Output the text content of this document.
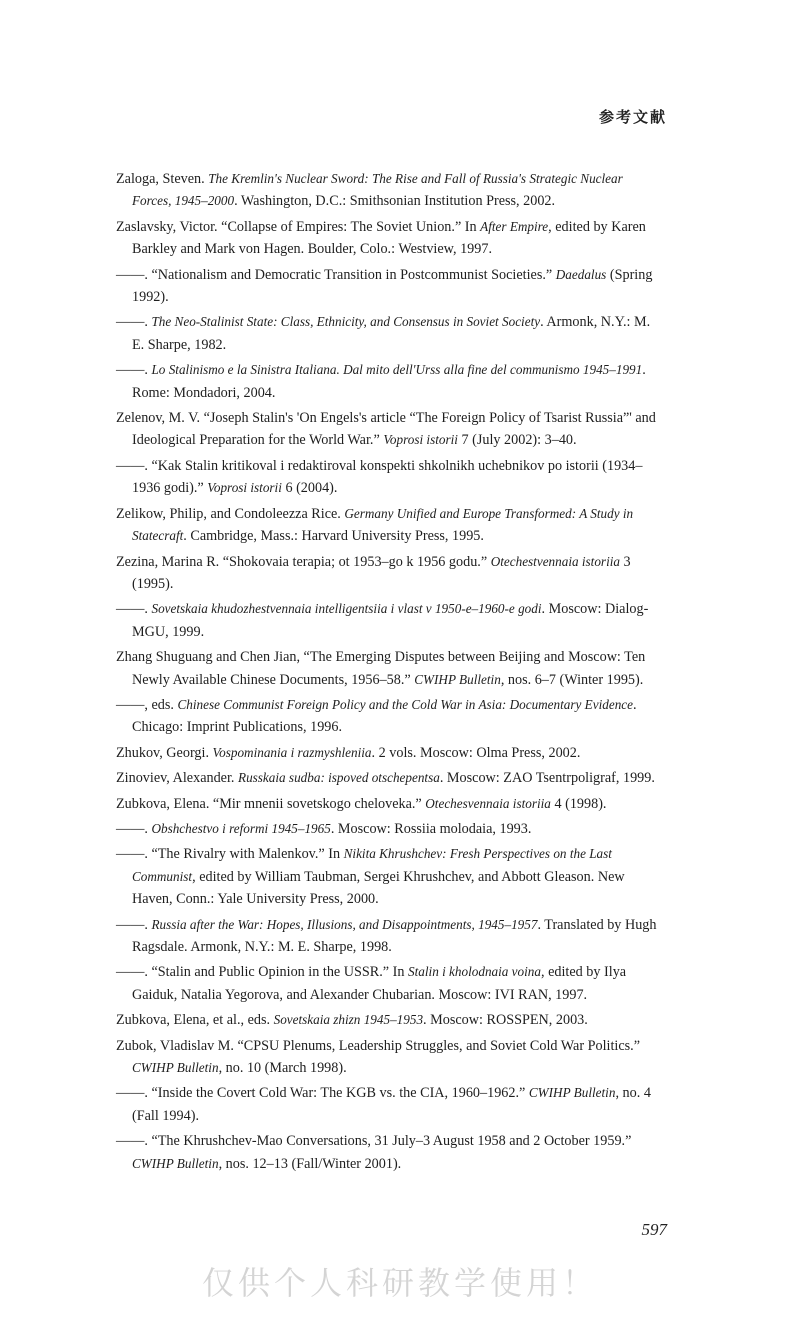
参考文献

Zaloga, Steven. The Kremlin's Nuclear Sword: The Rise and Fall of Russia's Strategic Nuclear Forces, 1945–2000. Washington, D.C.: Smithsonian Institution Press, 2002.

Zaslavsky, Victor. “Collapse of Empires: The Soviet Union.” In After Empire, edited by Karen Barkley and Mark von Hagen. Boulder, Colo.: Westview, 1997.

——. “Nationalism and Democratic Transition in Postcommunist Societies.” Daedalus (Spring 1992).

——. The Neo-Stalinist State: Class, Ethnicity, and Consensus in Soviet Society. Armonk, N.Y.: M. E. Sharpe, 1982.

——. Lo Stalinismo e la Sinistra Italiana. Dal mito dell'Urss alla fine del communismo 1945–1991. Rome: Mondadori, 2004.

Zelenov, M. V. “Joseph Stalin's 'On Engels's article “The Foreign Policy of Tsarist Russia”' and Ideological Preparation for the World War.” Voprosi istorii 7 (July 2002): 3–40.

——. “Kak Stalin kritikoval i redaktiroval konspekti shkolnikh uchebnikov po istorii (1934–1936 godi).” Voprosi istorii 6 (2004).

Zelikow, Philip, and Condoleezza Rice. Germany Unified and Europe Transformed: A Study in Statecraft. Cambridge, Mass.: Harvard University Press, 1995.

Zezina, Marina R. “Shokovaia terapia; ot 1953–go k 1956 godu.” Otechestvennaia istoriia 3 (1995).

——. Sovetskaia khudozhestvennaia intelligentsiia i vlast v 1950-e–1960-e godi. Moscow: Dialog-MGU, 1999.

Zhang Shuguang and Chen Jian, “The Emerging Disputes between Beijing and Moscow: Ten Newly Available Chinese Documents, 1956–58.” CWIHP Bulletin, nos. 6–7 (Winter 1995).

——, eds. Chinese Communist Foreign Policy and the Cold War in Asia: Documentary Evidence. Chicago: Imprint Publications, 1996.

Zhukov, Georgi. Vospominania i razmyshleniia. 2 vols. Moscow: Olma Press, 2002.

Zinoviev, Alexander. Russkaia sudba: ispoved otschepentsa. Moscow: ZAO Tsentrpoligraf, 1999.

Zubkova, Elena. “Mir mnenii sovetskogo cheloveka.” Otechesvennaia istoriia 4 (1998).

——. Obshchestvo i reformi 1945–1965. Moscow: Rossiia molodaia, 1993.

——. “The Rivalry with Malenkov.” In Nikita Khrushchev: Fresh Perspectives on the Last Communist, edited by William Taubman, Sergei Khrushchev, and Abbott Gleason. New Haven, Conn.: Yale University Press, 2000.

——. Russia after the War: Hopes, Illusions, and Disappointments, 1945–1957. Translated by Hugh Ragsdale. Armonk, N.Y.: M. E. Sharpe, 1998.

——. “Stalin and Public Opinion in the USSR.” In Stalin i kholodnaia voina, edited by Ilya Gaiduk, Natalia Yegorova, and Alexander Chubarian. Moscow: IVI RAN, 1997.

Zubkova, Elena, et al., eds. Sovetskaia zhizn 1945–1953. Moscow: ROSSPEN, 2003.

Zubok, Vladislav M. “CPSU Plenums, Leadership Struggles, and Soviet Cold War Politics.” CWIHP Bulletin, no. 10 (March 1998).

——. “Inside the Covert Cold War: The KGB vs. the CIA, 1960–1962.” CWIHP Bulletin, no. 4 (Fall 1994).

——. “The Khrushchev-Mao Conversations, 31 July–3 August 1958 and 2 October 1959.” CWIHP Bulletin, nos. 12–13 (Fall/Winter 2001).

597
仅供个人科研教学使用！
